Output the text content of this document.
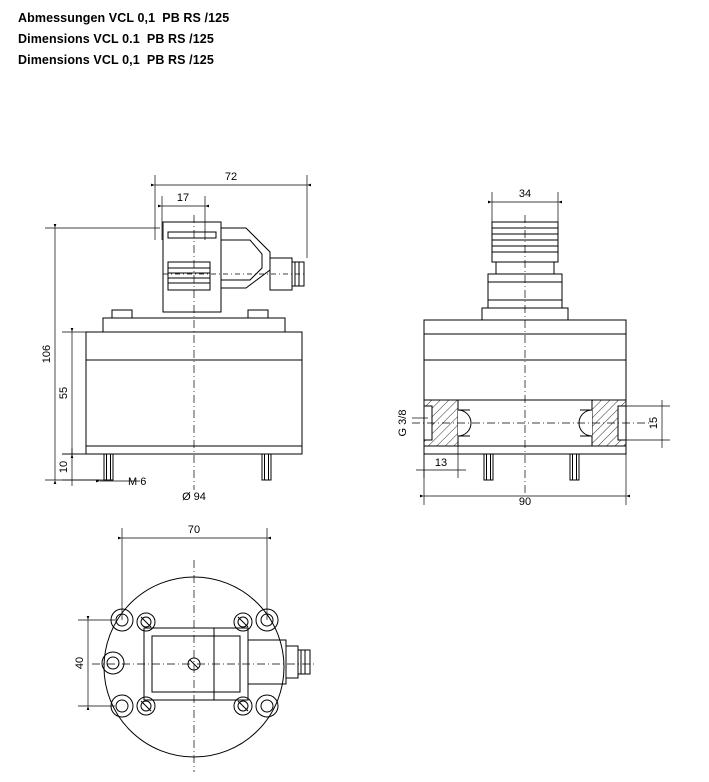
Abmessungen VCL 0,1  PB RS /125
Dimensions VCL 0.1  PB RS /125
Dimensions VCL 0,1  PB RS /125
72
17
106
55
10
M 6
Ø 94
34
G 3/8	15
13
90
70
40
